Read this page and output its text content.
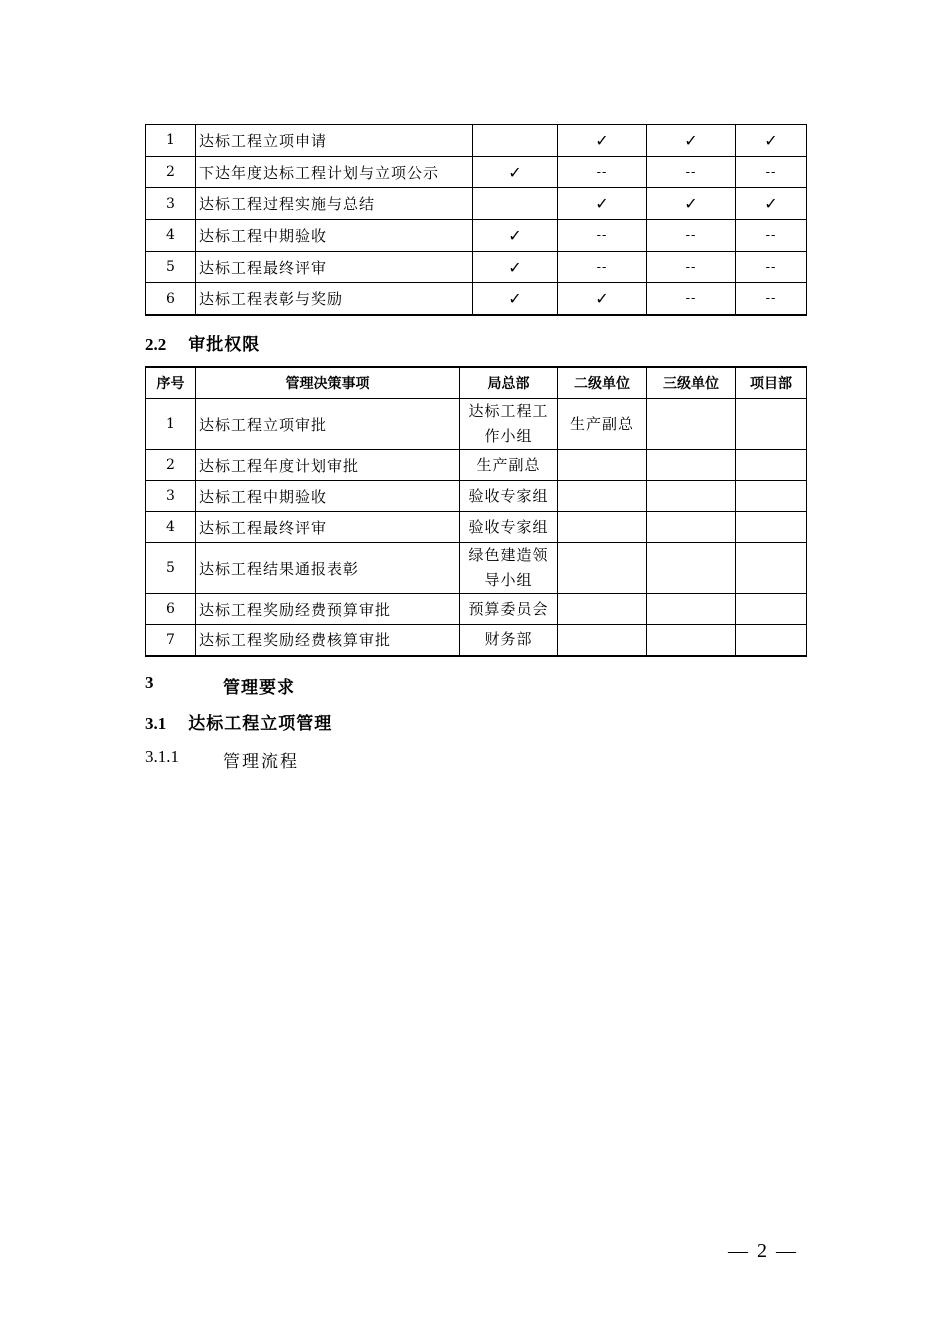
1	达标工程立项申请		✓	✓	✓
2	下达年度达标工程计划与立项公示	✓	--	--	--
3	达标工程过程实施与总结		✓	✓	✓
4	达标工程中期验收	✓	--	--	--
5	达标工程最终评审	✓	--	--	--
6	达标工程表彰与奖励	✓	✓	--	--
2.2 审批权限
序号	管理决策事项	局总部	二级单位	三级单位	项目部
1	达标工程立项审批	达标工程工作小组	生产副总		
2	达标工程年度计划审批	生产副总			
3	达标工程中期验收	验收专家组			
4	达标工程最终评审	验收专家组			
5	达标工程结果通报表彰	绿色建造领导小组			
6	达标工程奖励经费预算审批	预算委员会			
7	达标工程奖励经费核算审批	财务部			
3	管理要求
3.1 达标工程立项管理
3.1.1	管理流程
— 2 —
